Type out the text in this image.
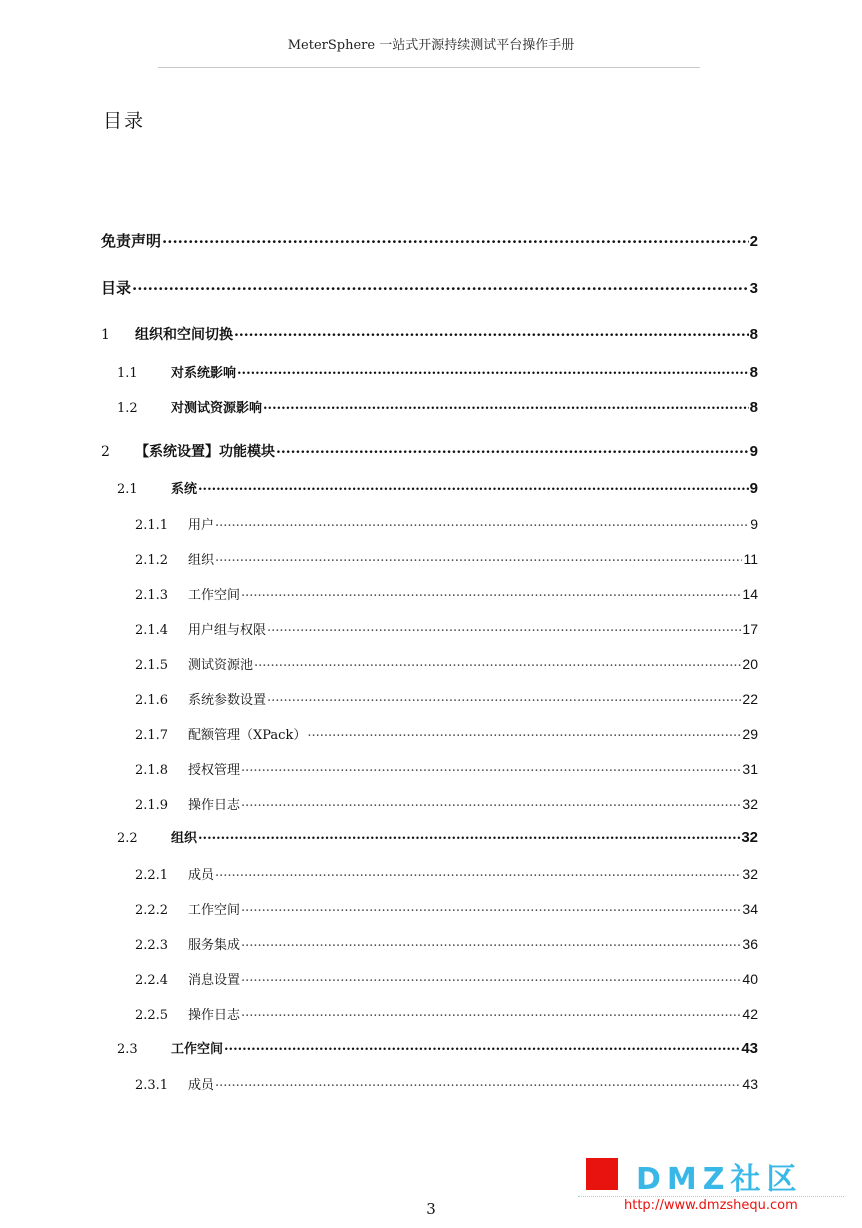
MeterSphere 一站式开源持续测试平台操作手册
目录
免责声明 .....	2
目录 .....	3
1	组织和空间切换 .....	8
1.1	对系统影响 .....	8
1.2	对测试资源影响 .....	8
2	【系统设置】功能模块 .....	9
2.1	系统 .....	9
2.1.1	用户 .....	9
2.1.2	组织 .....	11
2.1.3	工作空间 .....	14
2.1.4	用户组与权限 .....	17
2.1.5	测试资源池 .....	20
2.1.6	系统参数设置 .....	22
2.1.7	配额管理（XPack） .....	29
2.1.8	授权管理 .....	31
2.1.9	操作日志 .....	32
2.2	组织 .....	32
2.2.1	成员 .....	32
2.2.2	工作空间 .....	34
2.2.3	服务集成 .....	36
2.2.4	消息设置 .....	40
2.2.5	操作日志 .....	42
2.3	工作空间 .....	43
2.3.1	成员 .....	43
DMZ社区
http://www.dmzshequ.com
3
